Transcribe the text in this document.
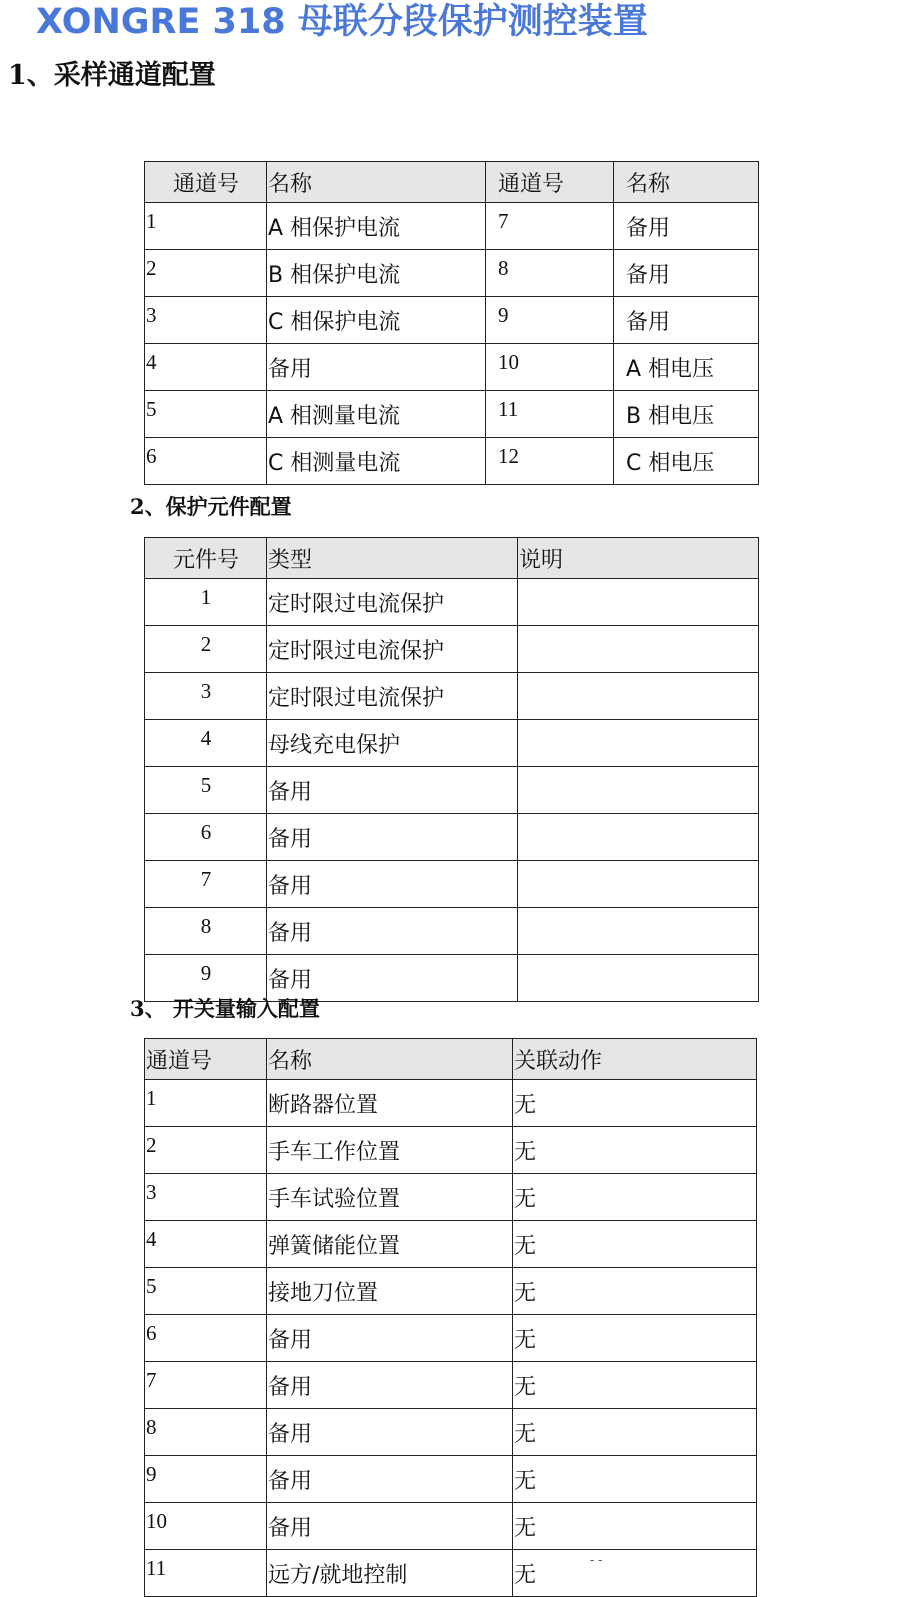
XONGRE 318 母联分段保护测控装置
1、采样通道配置
通道号	名称	通道号	名称
1	A 相保护电流	7	备用
2	B 相保护电流	8	备用
3	C 相保护电流	9	备用
4	备用	10	A 相电压
5	A 相测量电流	11	B 相电压
6	C 相测量电流	12	C 相电压
2、保护元件配置
元件号	类型	说明
1	定时限过电流保护	
2	定时限过电流保护	
3	定时限过电流保护	
4	母线充电保护	
5	备用	
6	备用	
7	备用	
8	备用	
9	备用	
3、 开关量输入配置
通道号	名称	关联动作
1	断路器位置	无
2	手车工作位置	无
3	手车试验位置	无
4	弹簧储能位置	无
5	接地刀位置	无
6	备用	无
7	备用	无
8	备用	无
9	备用	无
10	备用	无
11	远方/就地控制	无
- -
